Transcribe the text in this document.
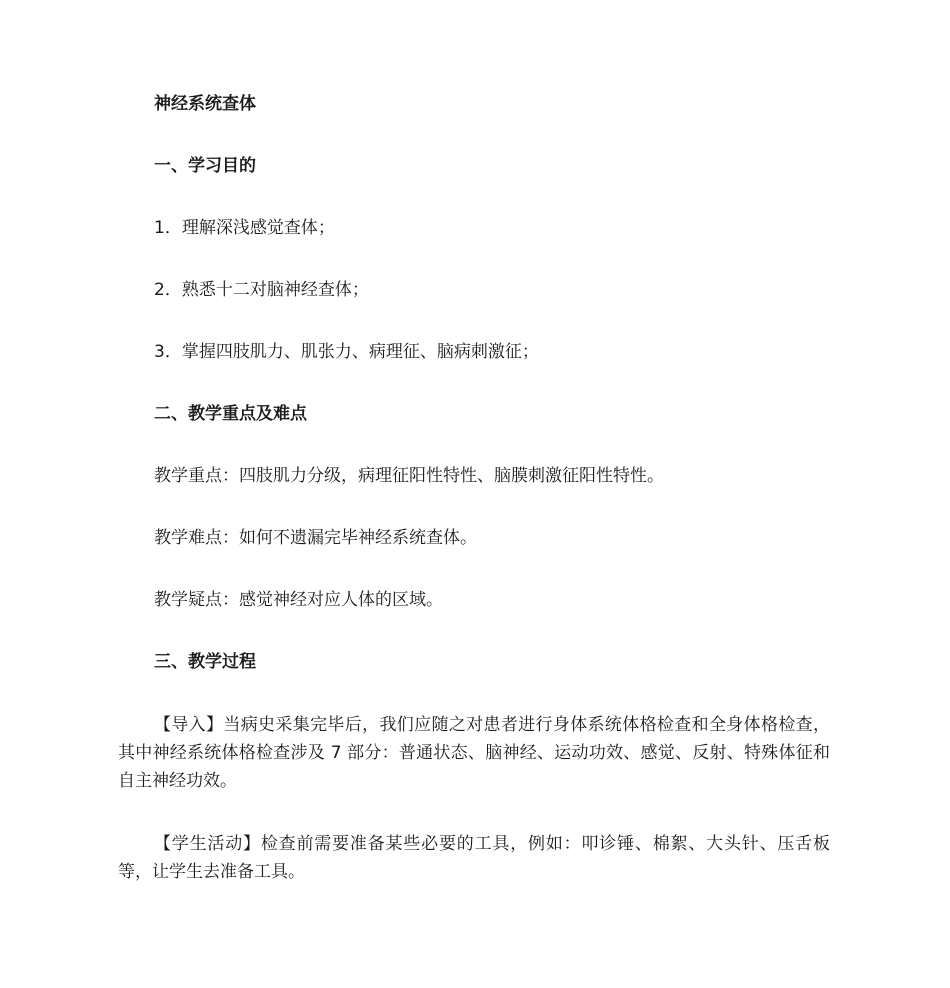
神经系统查体

一、学习目的

1．理解深浅感觉查体；

2．熟悉十二对脑神经查体；

3．掌握四肢肌力、肌张力、病理征、脑病刺激征；

二、教学重点及难点

教学重点：四肢肌力分级，病理征阳性特性、脑膜刺激征阳性特性。

教学难点：如何不遗漏完毕神经系统查体。

教学疑点：感觉神经对应人体的区域。

三、教学过程

【导入】当病史采集完毕后，我们应随之对患者进行身体系统体格检查和全身体格检查，其中神经系统体格检查涉及 7 部分：普通状态、脑神经、运动功效、感觉、反射、特殊体征和自主神经功效。

【学生活动】检查前需要准备某些必要的工具，例如：叩诊锤、棉絮、大头针、压舌板等，让学生去准备工具。
